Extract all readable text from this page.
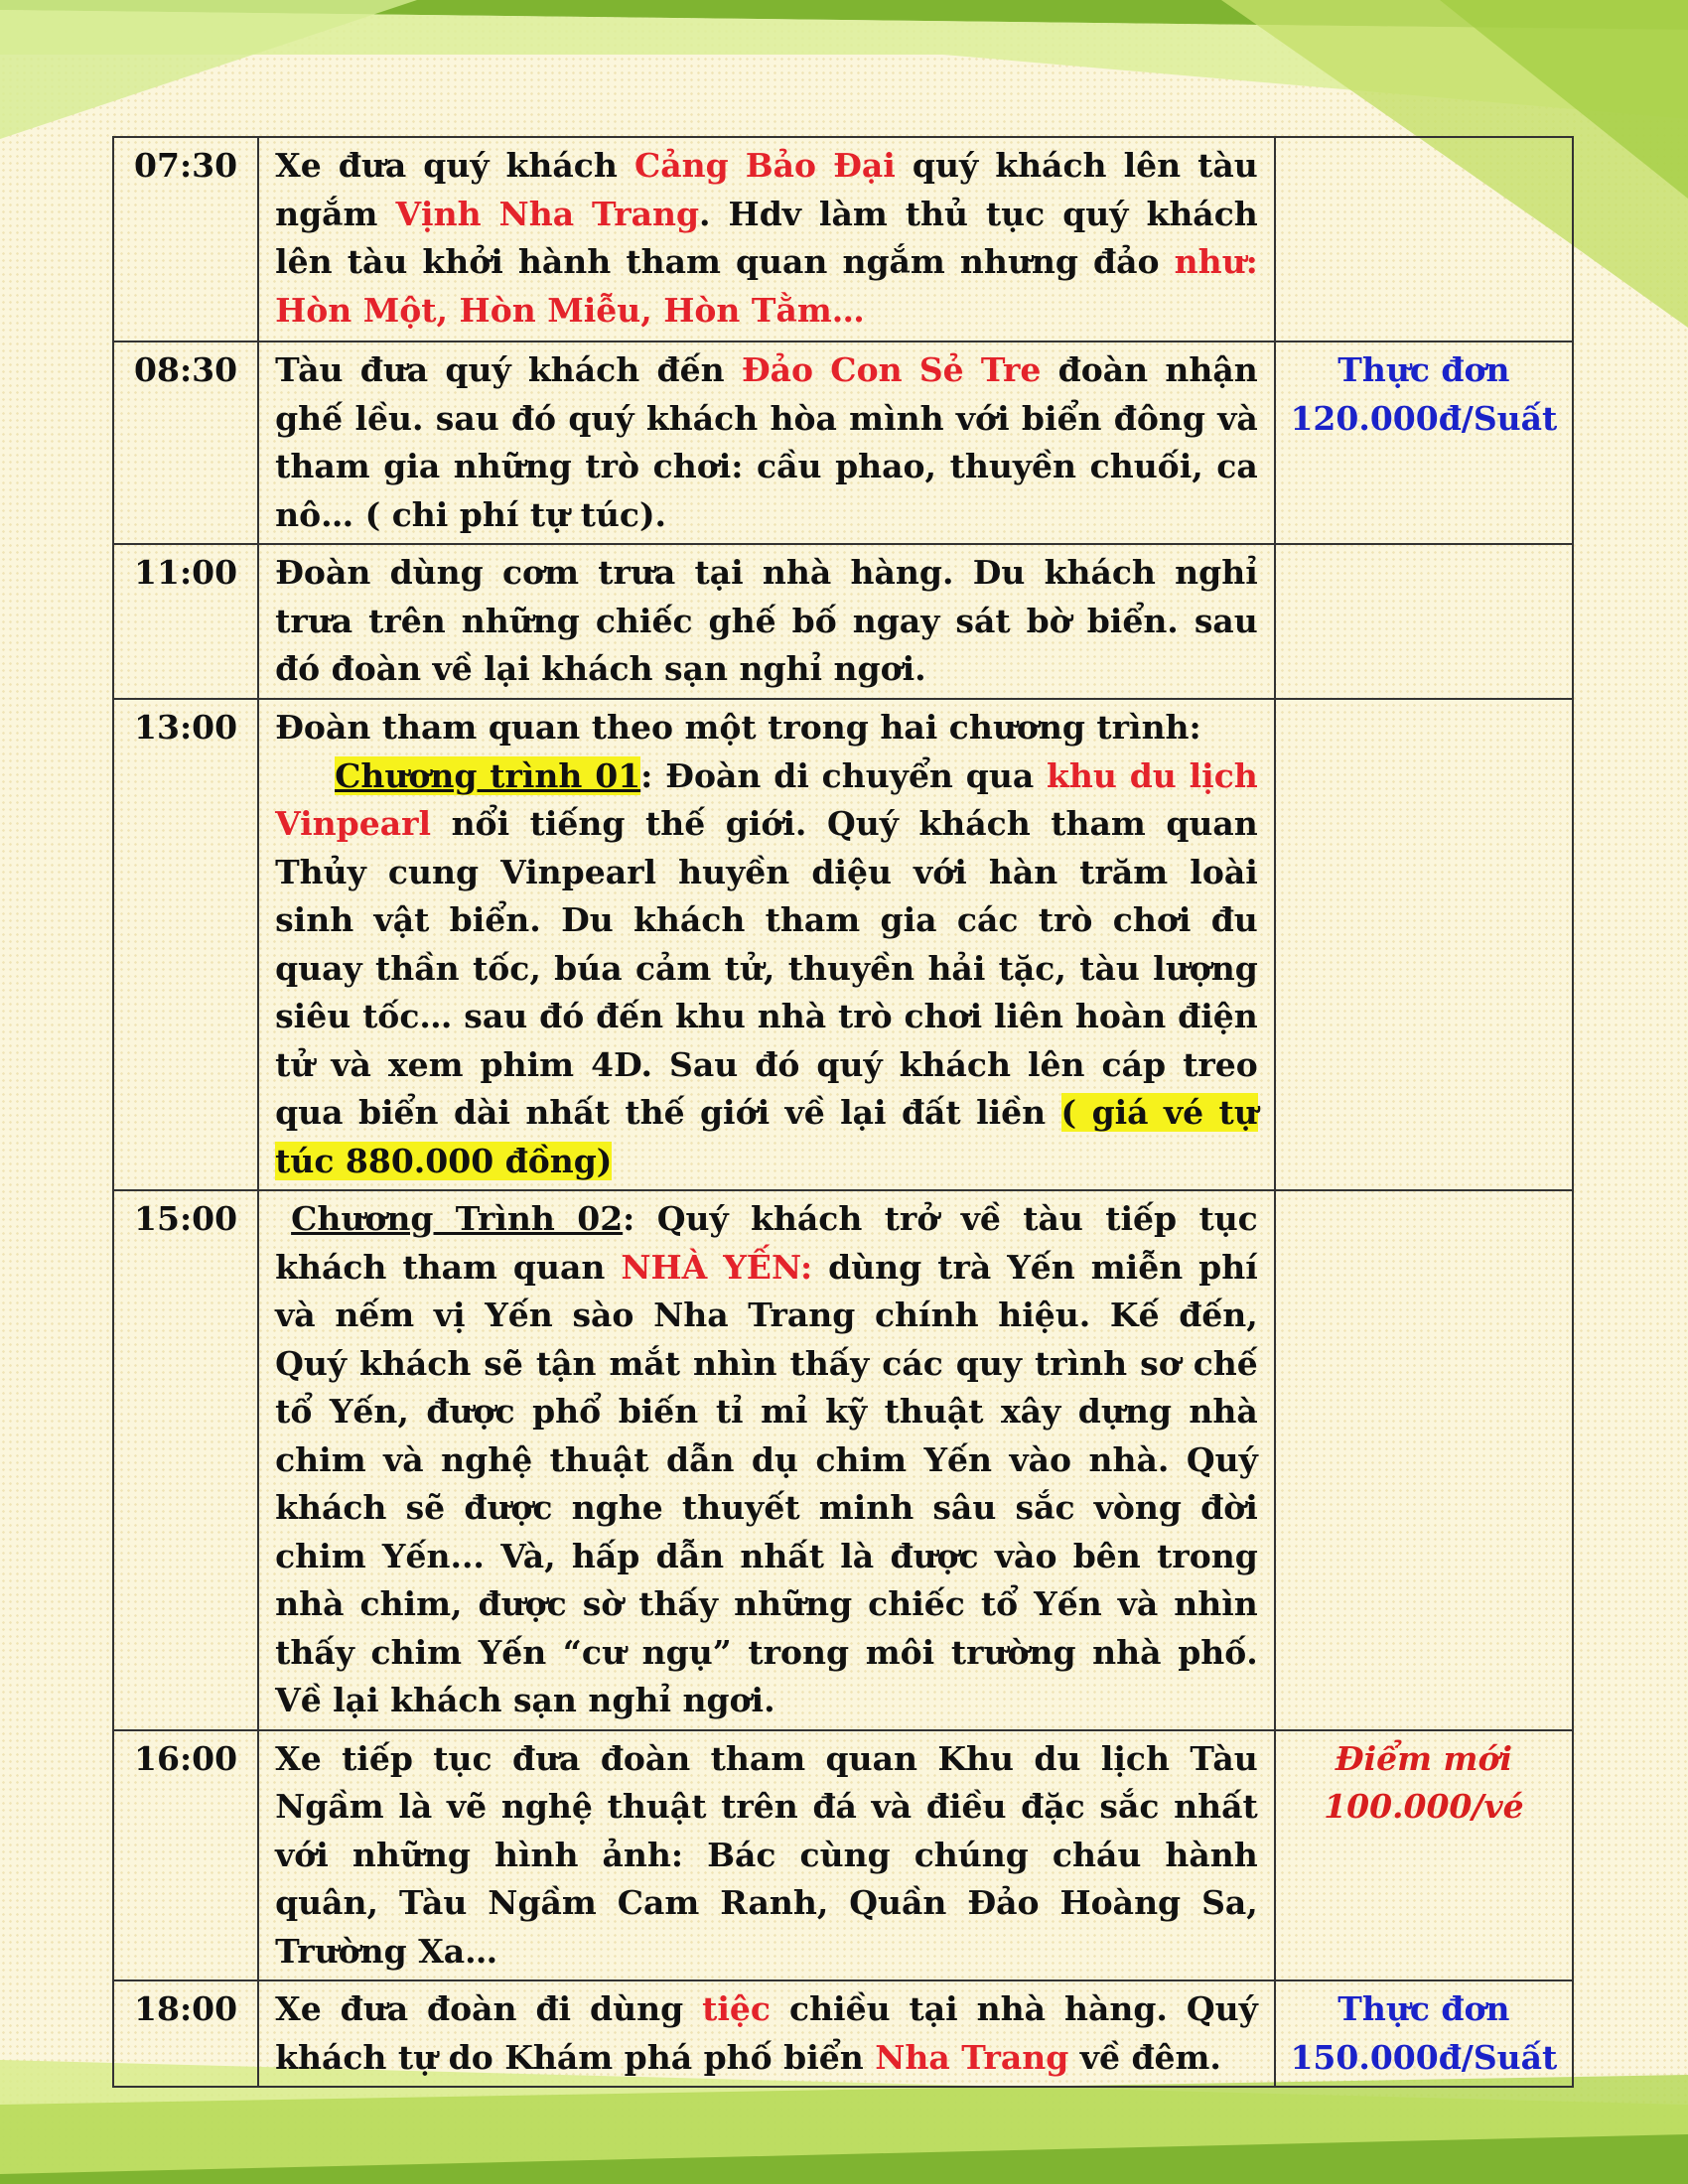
07:30	Xe đưa quý khách Cảng Bảo Đại quý khách lên tàu ngắm Vịnh Nha Trang. Hdv làm thủ tục quý khách lên tàu khởi hành tham quan ngắm nhưng đảo như: Hòn Một, Hòn Miễu, Hòn Tằm…	
08:30	Tàu đưa quý khách đến Đảo Con Sẻ Tre đoàn nhận ghế lều. sau đó quý khách hòa mình với biển đông và tham gia những trò chơi: cầu phao, thuyền chuối, ca nô… ( chi phí tự túc).	Thực đơn
120.000đ/Suất

11:00	Đoàn dùng cơm trưa tại nhà hàng. Du khách nghỉ trưa trên những chiếc ghế bố ngay sát bờ biển. sau đó đoàn về lại khách sạn nghỉ ngơi.	
13:00	Đoàn tham quan theo một trong hai chương trình:
Chương trình 01: Đoàn di chuyển qua khu du lịch Vinpearl nổi tiếng thế giới. Quý khách tham quan Thủy cung Vinpearl huyền diệu với hàn trăm loài sinh vật biển. Du khách tham gia các trò chơi đu quay thần tốc, búa cảm tử, thuyền hải tặc, tàu lượng siêu tốc… sau đó đến khu nhà trò chơi liên hoàn điện tử và xem phim 4D. Sau đó quý khách lên cáp treo qua biển dài nhất thế giới về lại đất liền ( giá vé tự túc 880.000 đồng)	

15:00	Chương Trình 02: Quý khách trở về tàu tiếp tục khách tham quan NHÀ YẾN: dùng trà Yến miễn phí và nếm vị Yến sào Nha Trang chính hiệu. Kế đến, Quý khách sẽ tận mắt nhìn thấy các quy trình sơ chế tổ Yến, được phổ biến tỉ mỉ kỹ thuật xây dựng nhà chim và nghệ thuật dẫn dụ chim Yến vào nhà. Quý khách sẽ được nghe thuyết minh sâu sắc vòng đời chim Yến... Và, hấp dẫn nhất là được vào bên trong nhà chim, được sờ thấy những chiếc tổ Yến và nhìn thấy chim Yến “cư ngụ” trong môi trường nhà phố. Về lại khách sạn nghỉ ngơi.	

16:00	Xe tiếp tục đưa đoàn tham quan Khu du lịch Tàu Ngầm là vẽ nghệ thuật trên đá và điều đặc sắc nhất với những hình ảnh: Bác cùng chúng cháu hành quân, Tàu Ngầm Cam Ranh, Quần Đảo Hoàng Sa, Trường Xa…	Điểm mới
100.000/vé

18:00	Xe đưa đoàn đi dùng tiệc chiều tại nhà hàng. Quý khách tự do Khám phá phố biển Nha Trang về đêm.	Thực đơn
150.000đ/Suất
